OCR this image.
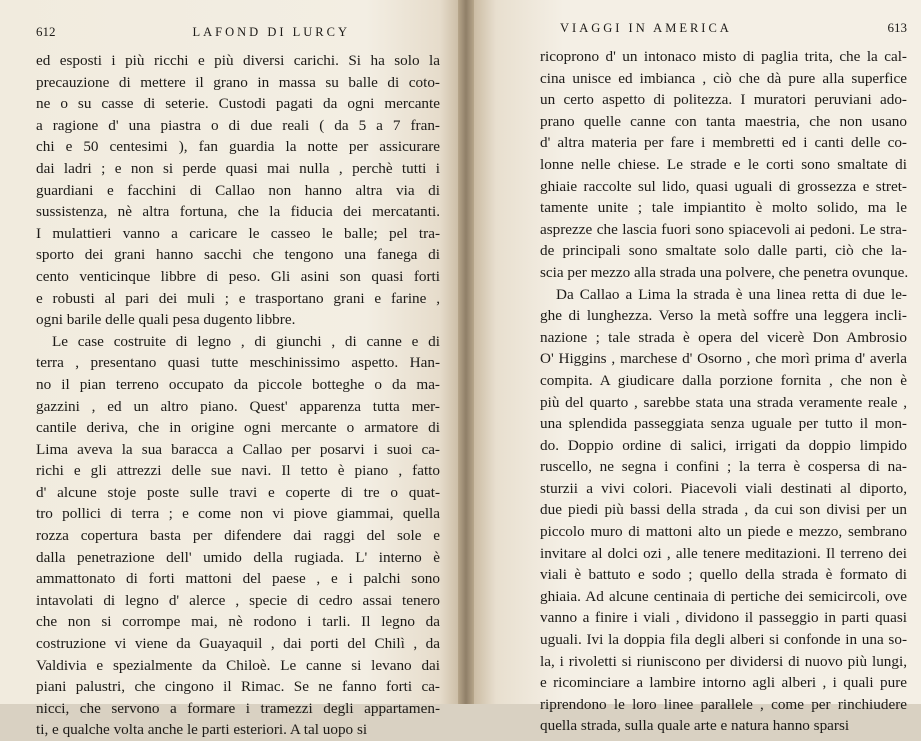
612	LAFOND DI LURCY

ed esposti i più ricchi e più diversi carichi. Si ha solo la

precauzione di mettere il grano in massa su balle di coto-

ne o su casse di seterie. Custodi pagati da ogni mercante

a ragione d' una piastra o di due reali ( da 5 a 7 fran-

chi e 50 centesimi ), fan guardia la notte per assicurare

dai ladri ; e non si perde quasi mai nulla , perchè tutti i

guardiani e facchini di Callao non hanno altra via di

sussistenza, nè altra fortuna, che la fiducia dei mercatanti.

I mulattieri vanno a caricare le casseo le balle; pel tra-

sporto dei grani hanno sacchi che tengono una fanega di

cento venticinque libbre di peso. Gli asini son quasi forti

e robusti al pari dei muli ; e trasportano grani e farine ,

ogni barile delle quali pesa dugento libbre.

Le case costruite di legno , di giunchi , di canne e di

terra , presentano quasi tutte meschinissimo aspetto. Han-

no il pian terreno occupato da piccole botteghe o da ma-

gazzini , ed un altro piano. Quest' apparenza tutta mer-

cantile deriva, che in origine ogni mercante o armatore di

Lima aveva la sua baracca a Callao per posarvi i suoi ca-

richi e gli attrezzi delle sue navi. Il tetto è piano , fatto

d' alcune stoje poste sulle travi e coperte di tre o quat-

tro pollici di terra ; e come non vi piove giammai, quella

rozza copertura basta per difendere dai raggi del sole e

dalla penetrazione dell' umido della rugiada. L' interno è

ammattonato di forti mattoni del paese , e i palchi sono

intavolati di legno d' alerce , specie di cedro assai tenero

che non si corrompe mai, nè rodono i tarli. Il legno da

costruzione vi viene da Guayaquil , dai porti del Chilì , da

Valdivia e spezialmente da Chiloè. Le canne si levano dai

piani palustri, che cingono il Rimac. Se ne fanno forti ca-

nicci, che servono a formare i tramezzi degli appartamen-

ti, e qualche volta anche le parti esteriori. A tal uopo si

VIAGGI IN AMERICA	613

ricoprono d' un intonaco misto di paglia trita, che la cal-

cina unisce ed imbianca , ciò che dà pure alla superfice

un certo aspetto di politezza. I muratori peruviani ado-

prano quelle canne con tanta maestria, che non usano

d' altra materia per fare i membretti ed i canti delle co-

lonne nelle chiese. Le strade e le corti sono smaltate di

ghiaie raccolte sul lido, quasi uguali di grossezza e stret-

tamente unite ; tale impiantito è molto solido, ma le

asprezze che lascia fuori sono spiacevoli ai pedoni. Le stra-

de principali sono smaltate solo dalle parti, ciò che la-

scia per mezzo alla strada una polvere, che penetra ovunque.

Da Callao a Lima la strada è una linea retta di due le-

ghe di lunghezza. Verso la metà soffre una leggera incli-

nazione ; tale strada è opera del vicerè Don Ambrosio

O' Higgins , marchese d' Osorno , che morì prima d' averla

compita. A giudicare dalla porzione fornita , che non è

più del quarto , sarebbe stata una strada veramente reale ,

una splendida passeggiata senza uguale per tutto il mon-

do. Doppio ordine di salici, irrigati da doppio limpido

ruscello, ne segna i confini ; la terra è cospersa di na-

sturzii a vivi colori. Piacevoli viali destinati al diporto,

due piedi più bassi della strada , da cui son divisi per un

piccolo muro di mattoni alto un piede e mezzo, sembrano

invitare al dolci ozi , alle tenere meditazioni. Il terreno dei

viali è battuto e sodo ; quello della strada è formato di

ghiaia. Ad alcune centinaia di pertiche dei semicircoli, ove

vanno a finire i viali , dividono il passeggio in parti quasi

uguali. Ivi la doppia fila degli alberi si confonde in una so-

la, i rivoletti si riuniscono per dividersi di nuovo più lungi,

e ricominciare a lambire intorno agli alberi , i quali pure

riprendono le loro linee parallele , come per rinchiudere

quella strada, sulla quale arte e natura hanno sparsi
